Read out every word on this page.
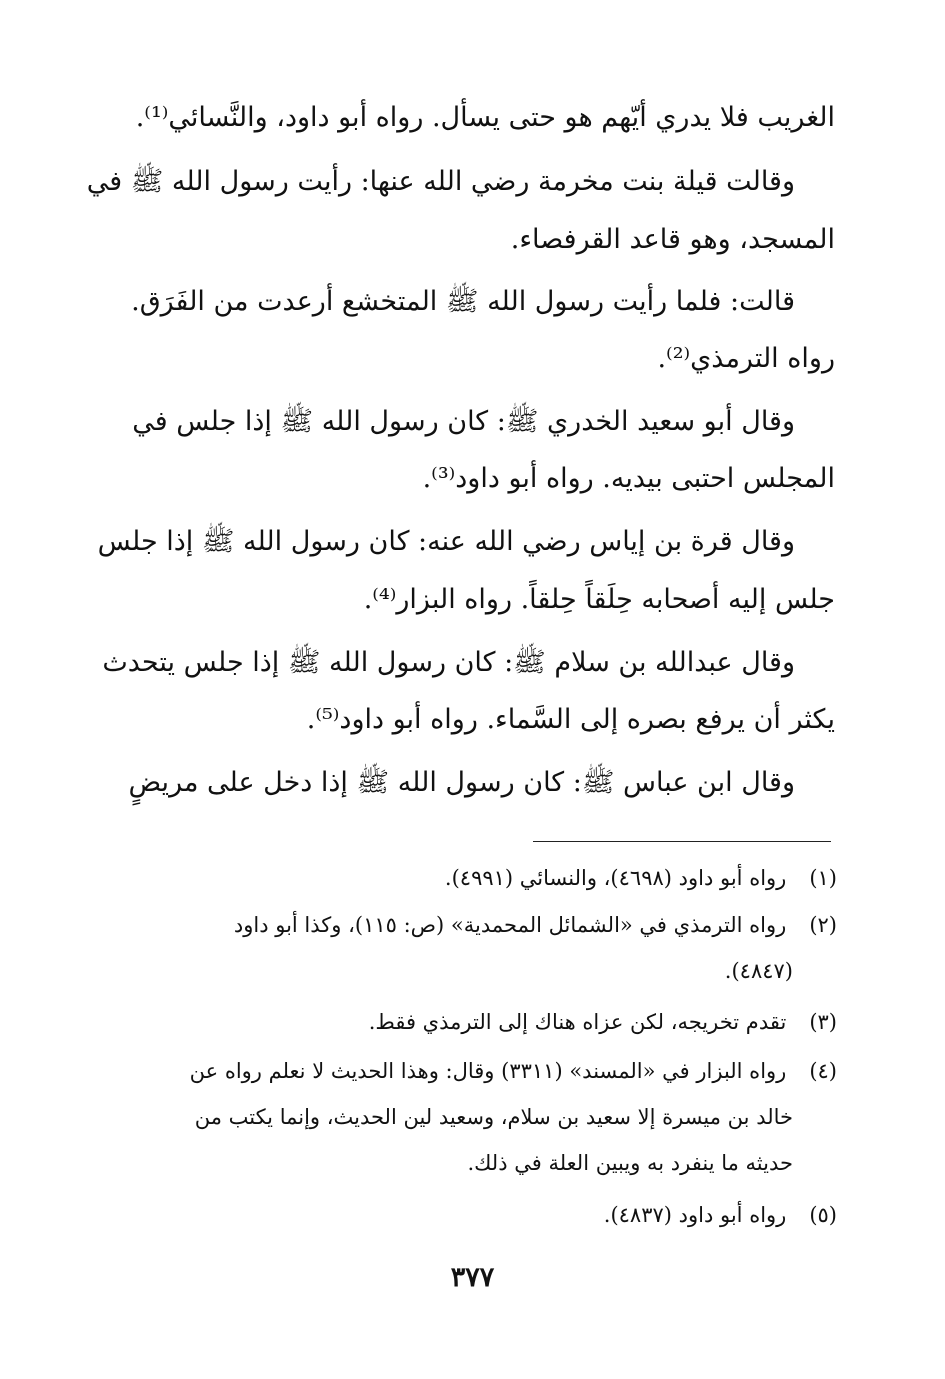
الغريب فلا يدري أيّهم هو حتى يسأل. رواه أبو داود، والنَّسائي⁽¹⁾.
وقالت قيلة بنت مخرمة رضي الله عنها: رأيت رسول الله ﷺ في
المسجد، وهو قاعد القرفصاء.
قالت: فلما رأيت رسول الله ﷺ المتخشع أرعدت من الفَرَق.
رواه الترمذي⁽²⁾.
وقال أبو سعيد الخدري ﷺ: كان رسول الله ﷺ إذا جلس في
المجلس احتبى بيديه. رواه أبو داود⁽³⁾.
وقال قرة بن إياس رضي الله عنه: كان رسول الله ﷺ إذا جلس
جلس إليه أصحابه حِلَقاً حِلقاً. رواه البزار⁽⁴⁾.
وقال عبدالله بن سلام ﷺ: كان رسول الله ﷺ إذا جلس يتحدث
يكثر أن يرفع بصره إلى السَّماء. رواه أبو داود⁽⁵⁾.
وقال ابن عباس ﷺ: كان رسول الله ﷺ إذا دخل على مريضٍ
(١) رواه أبو داود (٤٦٩٨)، والنسائي (٤٩٩١).
(٢) رواه الترمذي في «الشمائل المحمدية» (ص: ١١٥)، وكذا أبو داود
(٤٨٤٧).
(٣) تقدم تخريجه، لكن عزاه هناك إلى الترمذي فقط.
(٤) رواه البزار في «المسند» (٣٣١١) وقال: وهذا الحديث لا نعلم رواه عن
خالد بن ميسرة إلا سعيد بن سلام، وسعيد لين الحديث، وإنما يكتب من
حديثه ما ينفرد به ويبين العلة في ذلك.
(٥) رواه أبو داود (٤٨٣٧).
٣٧٧
